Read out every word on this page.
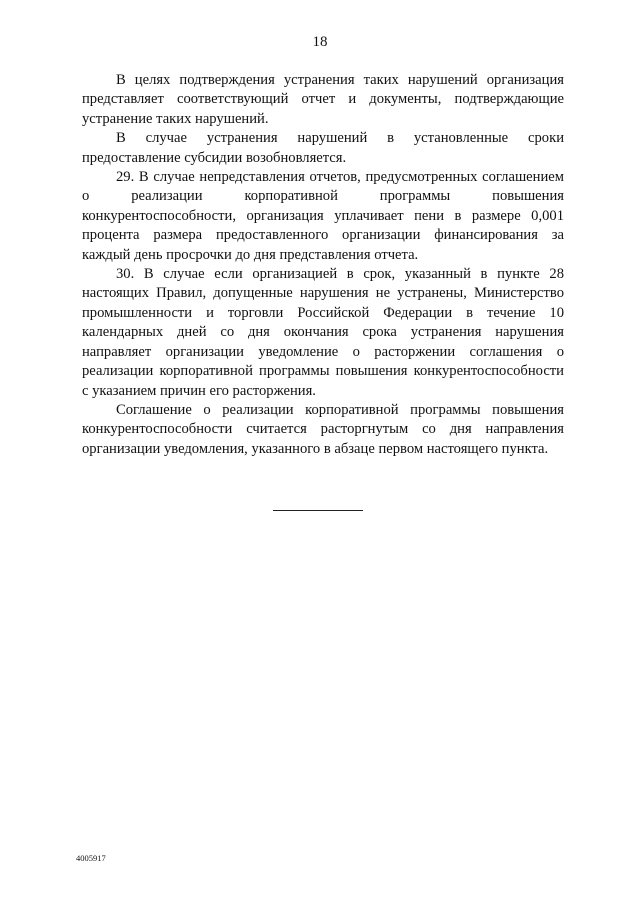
18

В целях подтверждения устранения таких нарушений организация представляет соответствующий отчет и документы, подтверждающие устранение таких нарушений.

В случае устранения нарушений в установленные сроки предоставление субсидии возобновляется.

29. В случае непредставления отчетов, предусмотренных соглашением о реализации корпоративной программы повышения конкурентоспособности, организация уплачивает пени в размере 0,001 процента размера предоставленного организации финансирования за каждый день просрочки до дня представления отчета.

30. В случае если организацией в срок, указанный в пункте 28 настоящих Правил, допущенные нарушения не устранены, Министерство промышленности и торговли Российской Федерации в течение 10 календарных дней со дня окончания срока устранения нарушения направляет организации уведомление о расторжении соглашения о реализации корпоративной программы повышения конкурентоспособности с указанием причин его расторжения.

Соглашение о реализации корпоративной программы повышения конкурентоспособности считается расторгнутым со дня направления организации уведомления, указанного в абзаце первом настоящего пункта.

4005917
